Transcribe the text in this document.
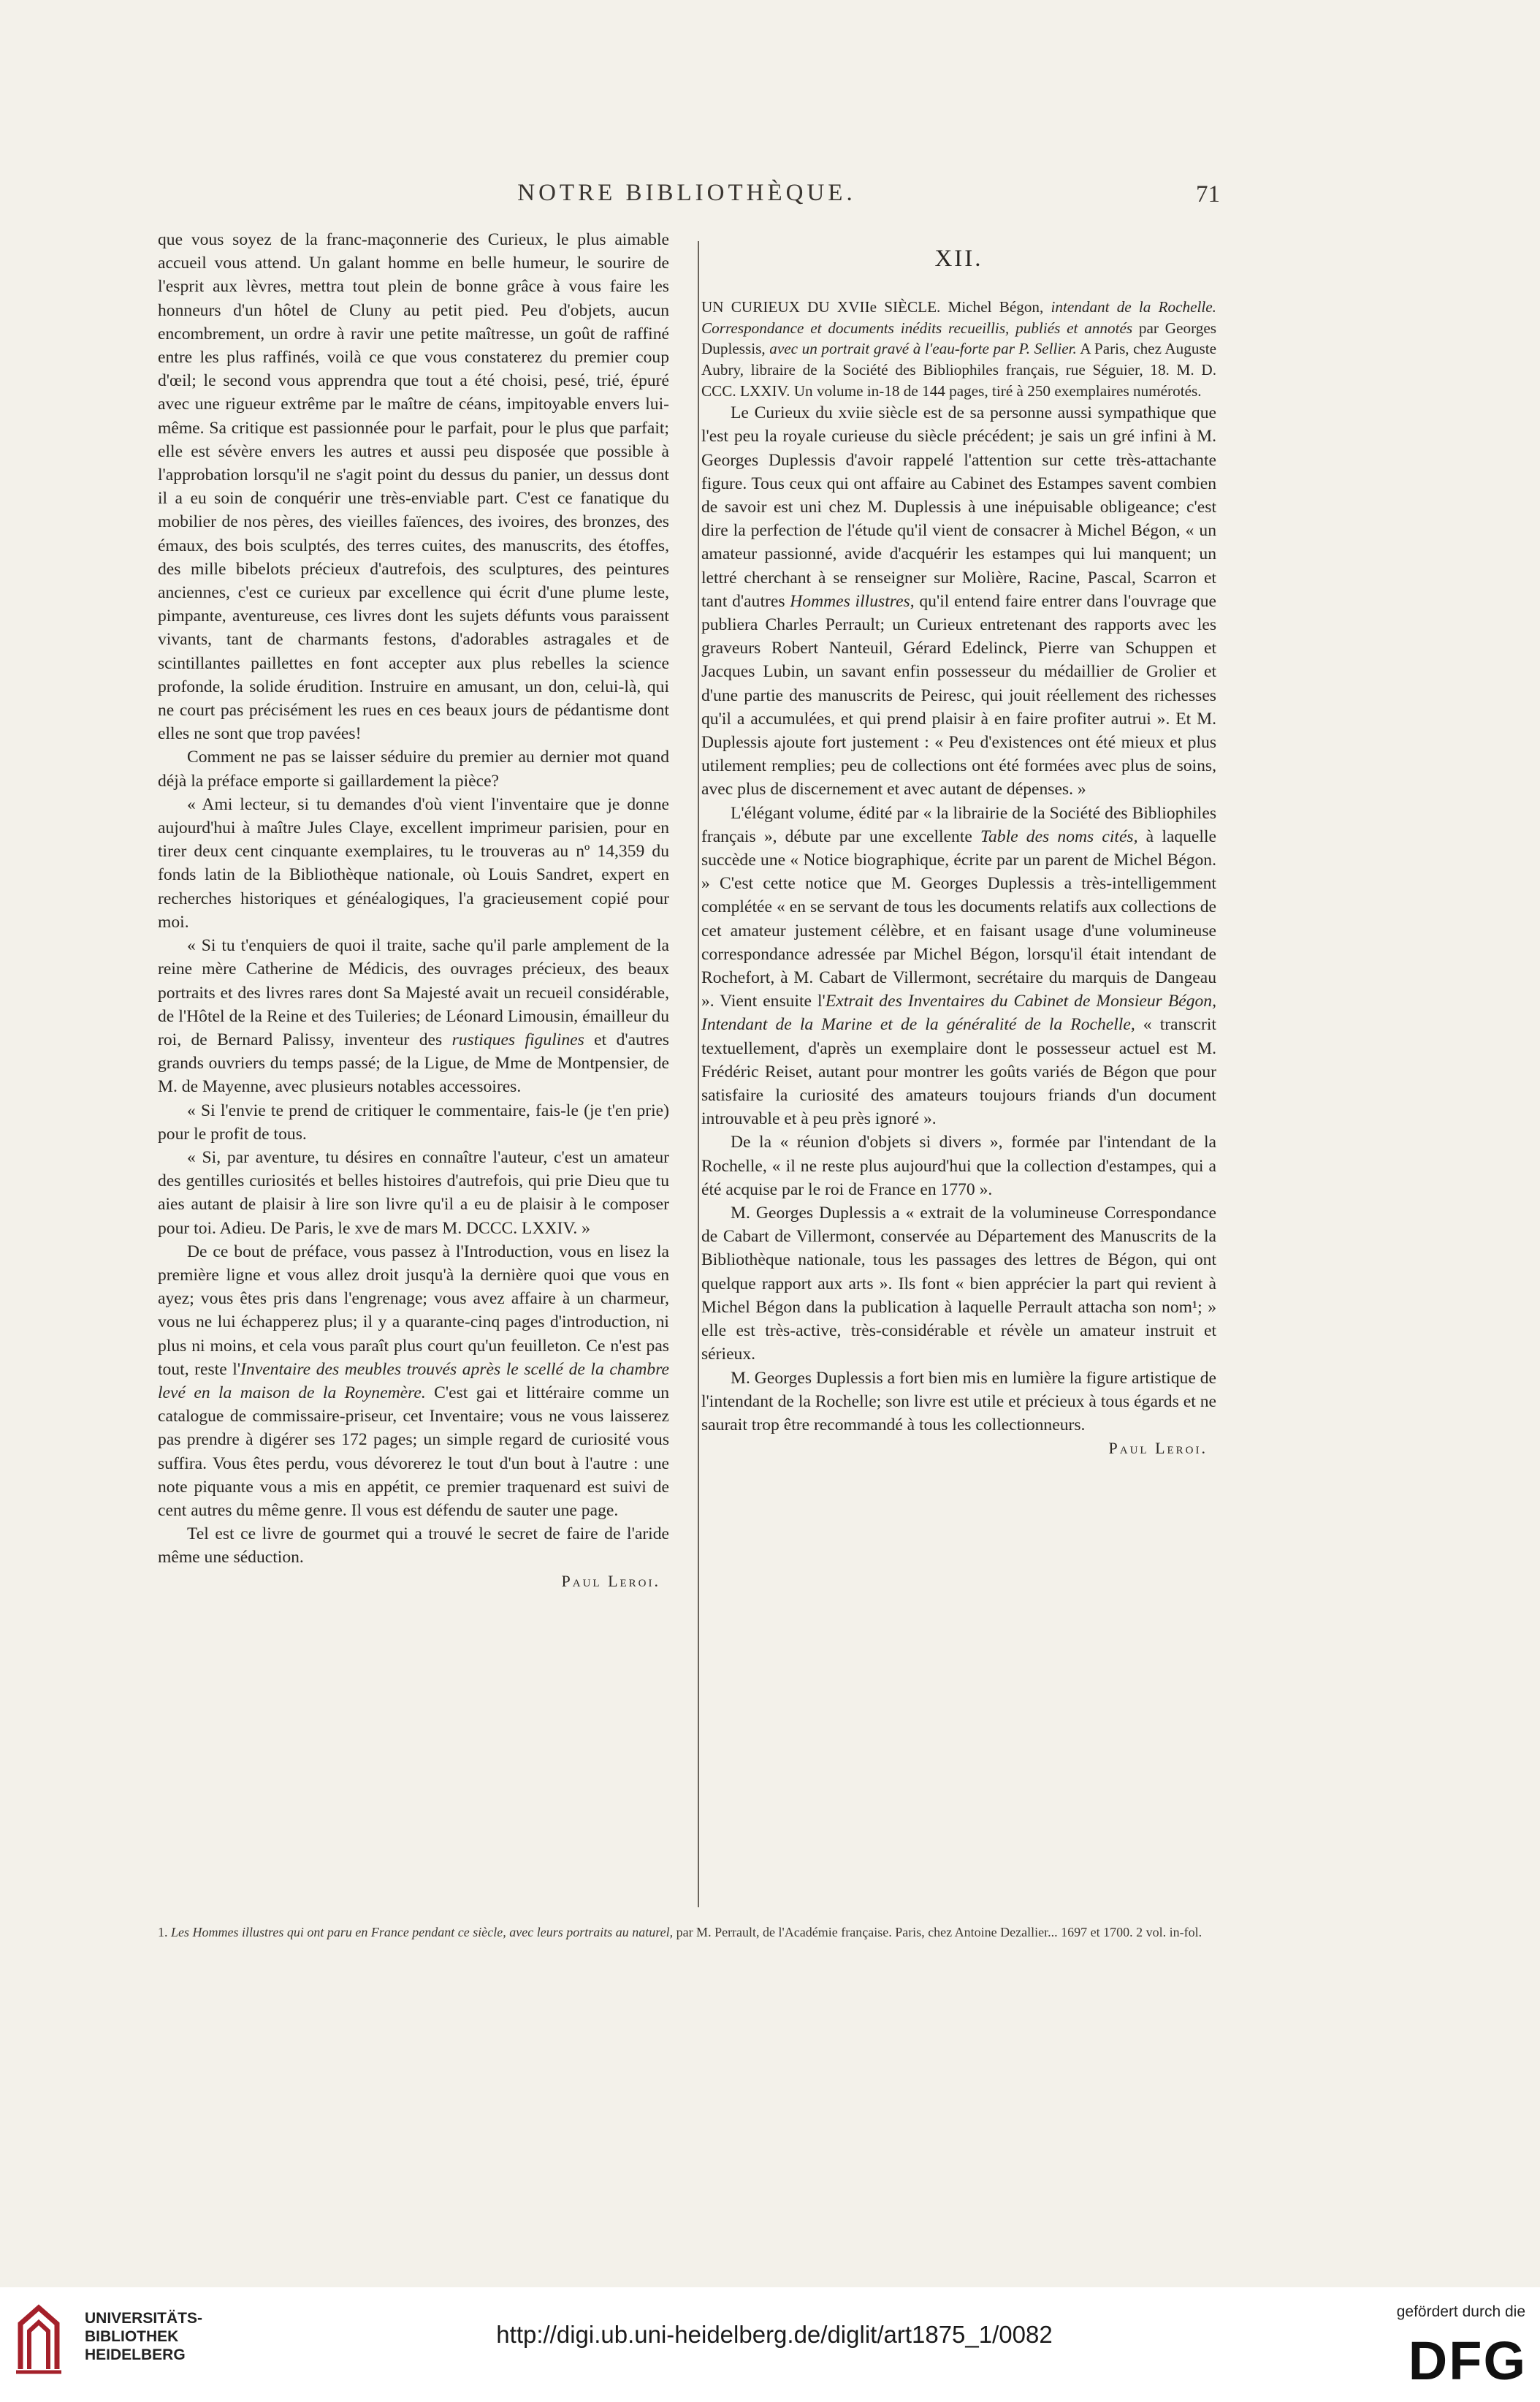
NOTRE BIBLIOTHÈQUE.	71

que vous soyez de la franc-maçonnerie des Curieux, le plus aimable accueil vous attend. Un galant homme en belle humeur, le sourire de l'esprit aux lèvres, mettra tout plein de bonne grâce à vous faire les honneurs d'un hôtel de Cluny au petit pied. Peu d'objets, aucun encombrement, un ordre à ravir une petite maîtresse, un goût de raffiné entre les plus raffinés, voilà ce que vous constaterez du premier coup d'œil; le second vous apprendra que tout a été choisi, pesé, trié, épuré avec une rigueur extrême par le maître de céans, impitoyable envers lui-même. Sa critique est passionnée pour le parfait, pour le plus que parfait; elle est sévère envers les autres et aussi peu disposée que possible à l'approbation lorsqu'il ne s'agit point du dessus du panier, un dessus dont il a eu soin de conquérir une très-enviable part. C'est ce fanatique du mobilier de nos pères, des vieilles faïences, des ivoires, des bronzes, des émaux, des bois sculptés, des terres cuites, des manuscrits, des étoffes, des mille bibelots précieux d'autrefois, des sculptures, des peintures anciennes, c'est ce curieux par excellence qui écrit d'une plume leste, pimpante, aventureuse, ces livres dont les sujets défunts vous paraissent vivants, tant de charmants festons, d'adorables astragales et de scintillantes paillettes en font accepter aux plus rebelles la science profonde, la solide érudition. Instruire en amusant, un don, celui-là, qui ne court pas précisément les rues en ces beaux jours de pédantisme dont elles ne sont que trop pavées!

Comment ne pas se laisser séduire du premier au dernier mot quand déjà la préface emporte si gaillardement la pièce?

« Ami lecteur, si tu demandes d'où vient l'inventaire que je donne aujourd'hui à maître Jules Claye, excellent imprimeur parisien, pour en tirer deux cent cinquante exemplaires, tu le trouveras au nº 14,359 du fonds latin de la Bibliothèque nationale, où Louis Sandret, expert en recherches historiques et généalogiques, l'a gracieusement copié pour moi.

« Si tu t'enquiers de quoi il traite, sache qu'il parle amplement de la reine mère Catherine de Médicis, des ouvrages précieux, des beaux portraits et des livres rares dont Sa Majesté avait un recueil considérable, de l'Hôtel de la Reine et des Tuileries; de Léonard Limousin, émailleur du roi, de Bernard Palissy, inventeur des rustiques figulines et d'autres grands ouvriers du temps passé; de la Ligue, de Mme de Montpensier, de M. de Mayenne, avec plusieurs notables accessoires.

« Si l'envie te prend de critiquer le commentaire, fais-le (je t'en prie) pour le profit de tous.

« Si, par aventure, tu désires en connaître l'auteur, c'est un amateur des gentilles curiosités et belles histoires d'autrefois, qui prie Dieu que tu aies autant de plaisir à lire son livre qu'il a eu de plaisir à le composer pour toi. Adieu. De Paris, le xve de mars M. DCCC. LXXIV. »

De ce bout de préface, vous passez à l'Introduction, vous en lisez la première ligne et vous allez droit jusqu'à la dernière quoi que vous en ayez; vous êtes pris dans l'engrenage; vous avez affaire à un charmeur, vous ne lui échapperez plus; il y a quarante-cinq pages d'introduction, ni plus ni moins, et cela vous paraît plus court qu'un feuilleton. Ce n'est pas tout, reste l'Inventaire des meubles trouvés après le scellé de la chambre levé en la maison de la Roynemère. C'est gai et littéraire comme un catalogue de commissaire-priseur, cet Inventaire; vous ne vous laisserez pas prendre à digérer ses 172 pages; un simple regard de curiosité vous suffira. Vous êtes perdu, vous dévorerez le tout d'un bout à l'autre : une note piquante vous a mis en appétit, ce premier traquenard est suivi de cent autres du même genre. Il vous est défendu de sauter une page.

Tel est ce livre de gourmet qui a trouvé le secret de faire de l'aride même une séduction.

Paul Leroi.

XII.

UN CURIEUX DU XVIIe SIÈCLE. Michel Bégon, intendant de la Rochelle. Correspondance et documents inédits recueillis, publiés et annotés par Georges Duplessis, avec un portrait gravé à l'eau-forte par P. Sellier. A Paris, chez Auguste Aubry, libraire de la Société des Bibliophiles français, rue Séguier, 18. M. D. CCC. LXXIV. Un volume in-18 de 144 pages, tiré à 250 exemplaires numérotés.

Le Curieux du xviie siècle est de sa personne aussi sympathique que l'est peu la royale curieuse du siècle précédent; je sais un gré infini à M. Georges Duplessis d'avoir rappelé l'attention sur cette très-attachante figure. Tous ceux qui ont affaire au Cabinet des Estampes savent combien de savoir est uni chez M. Duplessis à une inépuisable obligeance; c'est dire la perfection de l'étude qu'il vient de consacrer à Michel Bégon, « un amateur passionné, avide d'acquérir les estampes qui lui manquent; un lettré cherchant à se renseigner sur Molière, Racine, Pascal, Scarron et tant d'autres Hommes illustres, qu'il entend faire entrer dans l'ouvrage que publiera Charles Perrault; un Curieux entretenant des rapports avec les graveurs Robert Nanteuil, Gérard Edelinck, Pierre van Schuppen et Jacques Lubin, un savant enfin possesseur du médaillier de Grolier et d'une partie des manuscrits de Peiresc, qui jouit réellement des richesses qu'il a accumulées, et qui prend plaisir à en faire profiter autrui ». Et M. Duplessis ajoute fort justement : « Peu d'existences ont été mieux et plus utilement remplies; peu de collections ont été formées avec plus de soins, avec plus de discernement et avec autant de dépenses. »

L'élégant volume, édité par « la librairie de la Société des Bibliophiles français », débute par une excellente Table des noms cités, à laquelle succède une « Notice biographique, écrite par un parent de Michel Bégon. » C'est cette notice que M. Georges Duplessis a très-intelligemment complétée « en se servant de tous les documents relatifs aux collections de cet amateur justement célèbre, et en faisant usage d'une volumineuse correspondance adressée par Michel Bégon, lorsqu'il était intendant de Rochefort, à M. Cabart de Villermont, secrétaire du marquis de Dangeau ». Vient ensuite l'Extrait des Inventaires du Cabinet de Monsieur Bégon, Intendant de la Marine et de la généralité de la Rochelle, « transcrit textuellement, d'après un exemplaire dont le possesseur actuel est M. Frédéric Reiset, autant pour montrer les goûts variés de Bégon que pour satisfaire la curiosité des amateurs toujours friands d'un document introuvable et à peu près ignoré ».

De la « réunion d'objets si divers », formée par l'intendant de la Rochelle, « il ne reste plus aujourd'hui que la collection d'estampes, qui a été acquise par le roi de France en 1770 ».

M. Georges Duplessis a « extrait de la volumineuse Correspondance de Cabart de Villermont, conservée au Département des Manuscrits de la Bibliothèque nationale, tous les passages des lettres de Bégon, qui ont quelque rapport aux arts ». Ils font « bien apprécier la part qui revient à Michel Bégon dans la publication à laquelle Perrault attacha son nom¹; » elle est très-active, très-considérable et révèle un amateur instruit et sérieux.

M. Georges Duplessis a fort bien mis en lumière la figure artistique de l'intendant de la Rochelle; son livre est utile et précieux à tous égards et ne saurait trop être recommandé à tous les collectionneurs.

Paul Leroi.

1. Les Hommes illustres qui ont paru en France pendant ce siècle, avec leurs portraits au naturel, par M. Perrault, de l'Académie française. Paris, chez Antoine Dezallier... 1697 et 1700. 2 vol. in-fol.
UNIVERSITÄTS-
BIBLIOTHEK
HEIDELBERG
http://digi.ub.uni-heidelberg.de/diglit/art1875_1/0082
gefördert durch die
DFG
